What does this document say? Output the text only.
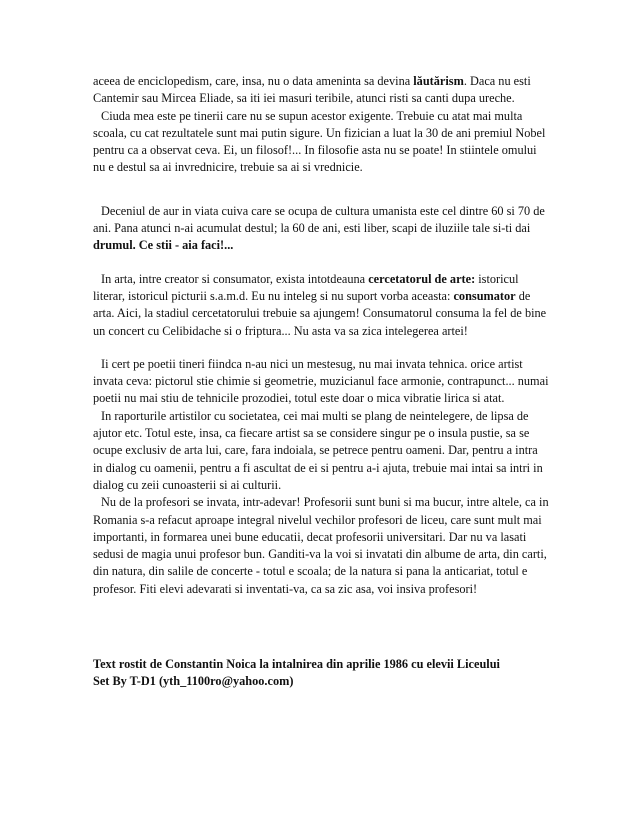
aceea de enciclopedism, care, insa, nu o data ameninta sa devina lăutărism. Daca nu esti Cantemir sau Mircea Eliade, sa iti iei masuri teribile, atunci risti sa canti dupa ureche.

Ciuda mea este pe tinerii care nu se supun acestor exigente. Trebuie cu atat mai multa scoala, cu cat rezultatele sunt mai putin sigure. Un fizician a luat la 30 de ani premiul Nobel pentru ca a observat ceva. Ei, un filosof!... In filosofie asta nu se poate! In stiintele omului nu e destul sa ai invrednicire, trebuie sa ai si vrednicie.

Deceniul de aur in viata cuiva care se ocupa de cultura umanista este cel dintre 60 si 70 de ani. Pana atunci n-ai acumulat destul; la 60 de ani, esti liber, scapi de iluziile tale si-ti dai drumul. Ce stii - aia faci!...

In arta, intre creator si consumator, exista intotdeauna cercetatorul de arte: istoricul literar, istoricul picturii s.a.m.d. Eu nu inteleg si nu suport vorba aceasta: consumator de arta. Aici, la stadiul cercetatorului trebuie sa ajungem! Consumatorul consuma la fel de bine un concert cu Celibidache si o friptura... Nu asta va sa zica intelegerea artei!

Ii cert pe poetii tineri fiindca n-au nici un mestesug, nu mai invata tehnica. orice artist invata ceva: pictorul stie chimie si geometrie, muzicianul face armonie, contrapunct... numai poetii nu mai stiu de tehnicile prozodiei, totul este doar o mica vibratie lirica si atat.

In raporturile artistilor cu societatea, cei mai multi se plang de neintelegere, de lipsa de ajutor etc. Totul este, insa, ca fiecare artist sa se considere singur pe o insula pustie, sa se ocupe exclusiv de arta lui, care, fara indoiala, se petrece pentru oameni. Dar, pentru a intra in dialog cu oamenii, pentru a fi ascultat de ei si pentru a-i ajuta, trebuie mai intai sa intri in dialog cu zeii cunoasterii si ai culturii.

Nu de la profesori se invata, intr-adevar! Profesorii sunt buni si ma bucur, intre altele, ca in Romania s-a refacut aproape integral nivelul vechilor profesori de liceu, care sunt mult mai importanti, in formarea unei bune educatii, decat profesorii universitari. Dar nu va lasati sedusi de magia unui profesor bun. Ganditi-va la voi si invatati din albume de arta, din carti, din natura, din salile de concerte - totul e scoala; de la natura si pana la anticariat, totul e profesor. Fiti elevi adevarati si inventati-va, ca sa zic asa, voi insiva profesori!

Text rostit de Constantin Noica la intalnirea din aprilie 1986 cu elevii Liceului

Set By T-D1 (yth_1100ro@yahoo.com)
